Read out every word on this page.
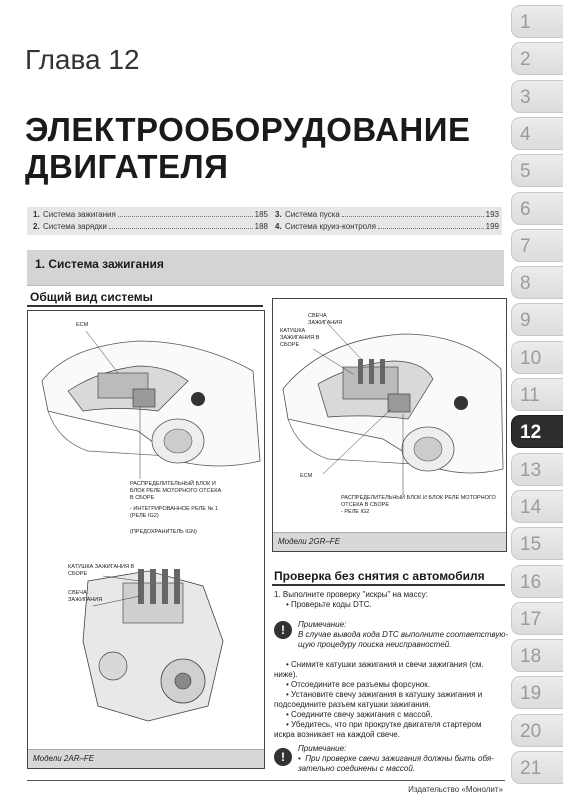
1
2
3
4
5
6
7
8
9
10
11
12
13
14
15
16
17
18
19
20
21
Глава 12
ЭЛЕКТРООБОРУДОВАНИЕ
ДВИГАТЕЛЯ
1. Система зажигания	185
2. Система зарядки	188
3. Система пуска	193
4. Система круиз-контроля	199
1. Система зажигания
Общий вид системы
ECM
РАСПРЕДЕЛИТЕЛЬНЫЙ БЛОК И
БЛОК РЕЛЕ МОТОРНОГО ОТСЕКА
В СБОРЕ
- ИНТЕГРИРОВАННОЕ РЕЛЕ № 1
(РЕЛЕ IG2)
(ПРЕДОХРАНИТЕЛЬ IGN)
КАТУШКА ЗАЖИГАНИЯ В
СБОРЕ
СВЕЧА
ЗАЖИГАНИЯ
Модели 2AR–FE
СВЕЧА
ЗАЖИГАНИЯ
КАТУШКА
ЗАЖИГАНИЯ В
СБОРЕ
ECM
РАСПРЕДЕЛИТЕЛЬНЫЙ БЛОК И БЛОК РЕЛЕ МОТОРНОГО
ОТСЕКА В СБОРЕ
- РЕЛЕ IG2
Модели 2GR–FE
Проверка без снятия с автомобиля
1. Выполните проверку "искры" на массу:
• Проверьте коды DTC.
!	Примечание:
В случае вывода кода DTC выполните соответствую-
щую процедуру поиска неисправностей.
• Снимите катушки зажигания и свечи зажигания (см.
ниже).
• Отсоедините все разъемы форсунок.
• Установите свечу зажигания в катушку зажигания и
подсоедините разъем катушки зажигания.
• Соедините свечу зажигания с массой.
• Убедитесь, что при прокрутке двигателя стартером
искра возникает на каждой свече.
!
Примечание:
•  При проверке свечи зажигания должны быть обя-
зательно соединены с массой.
Издательство «Монолит»
